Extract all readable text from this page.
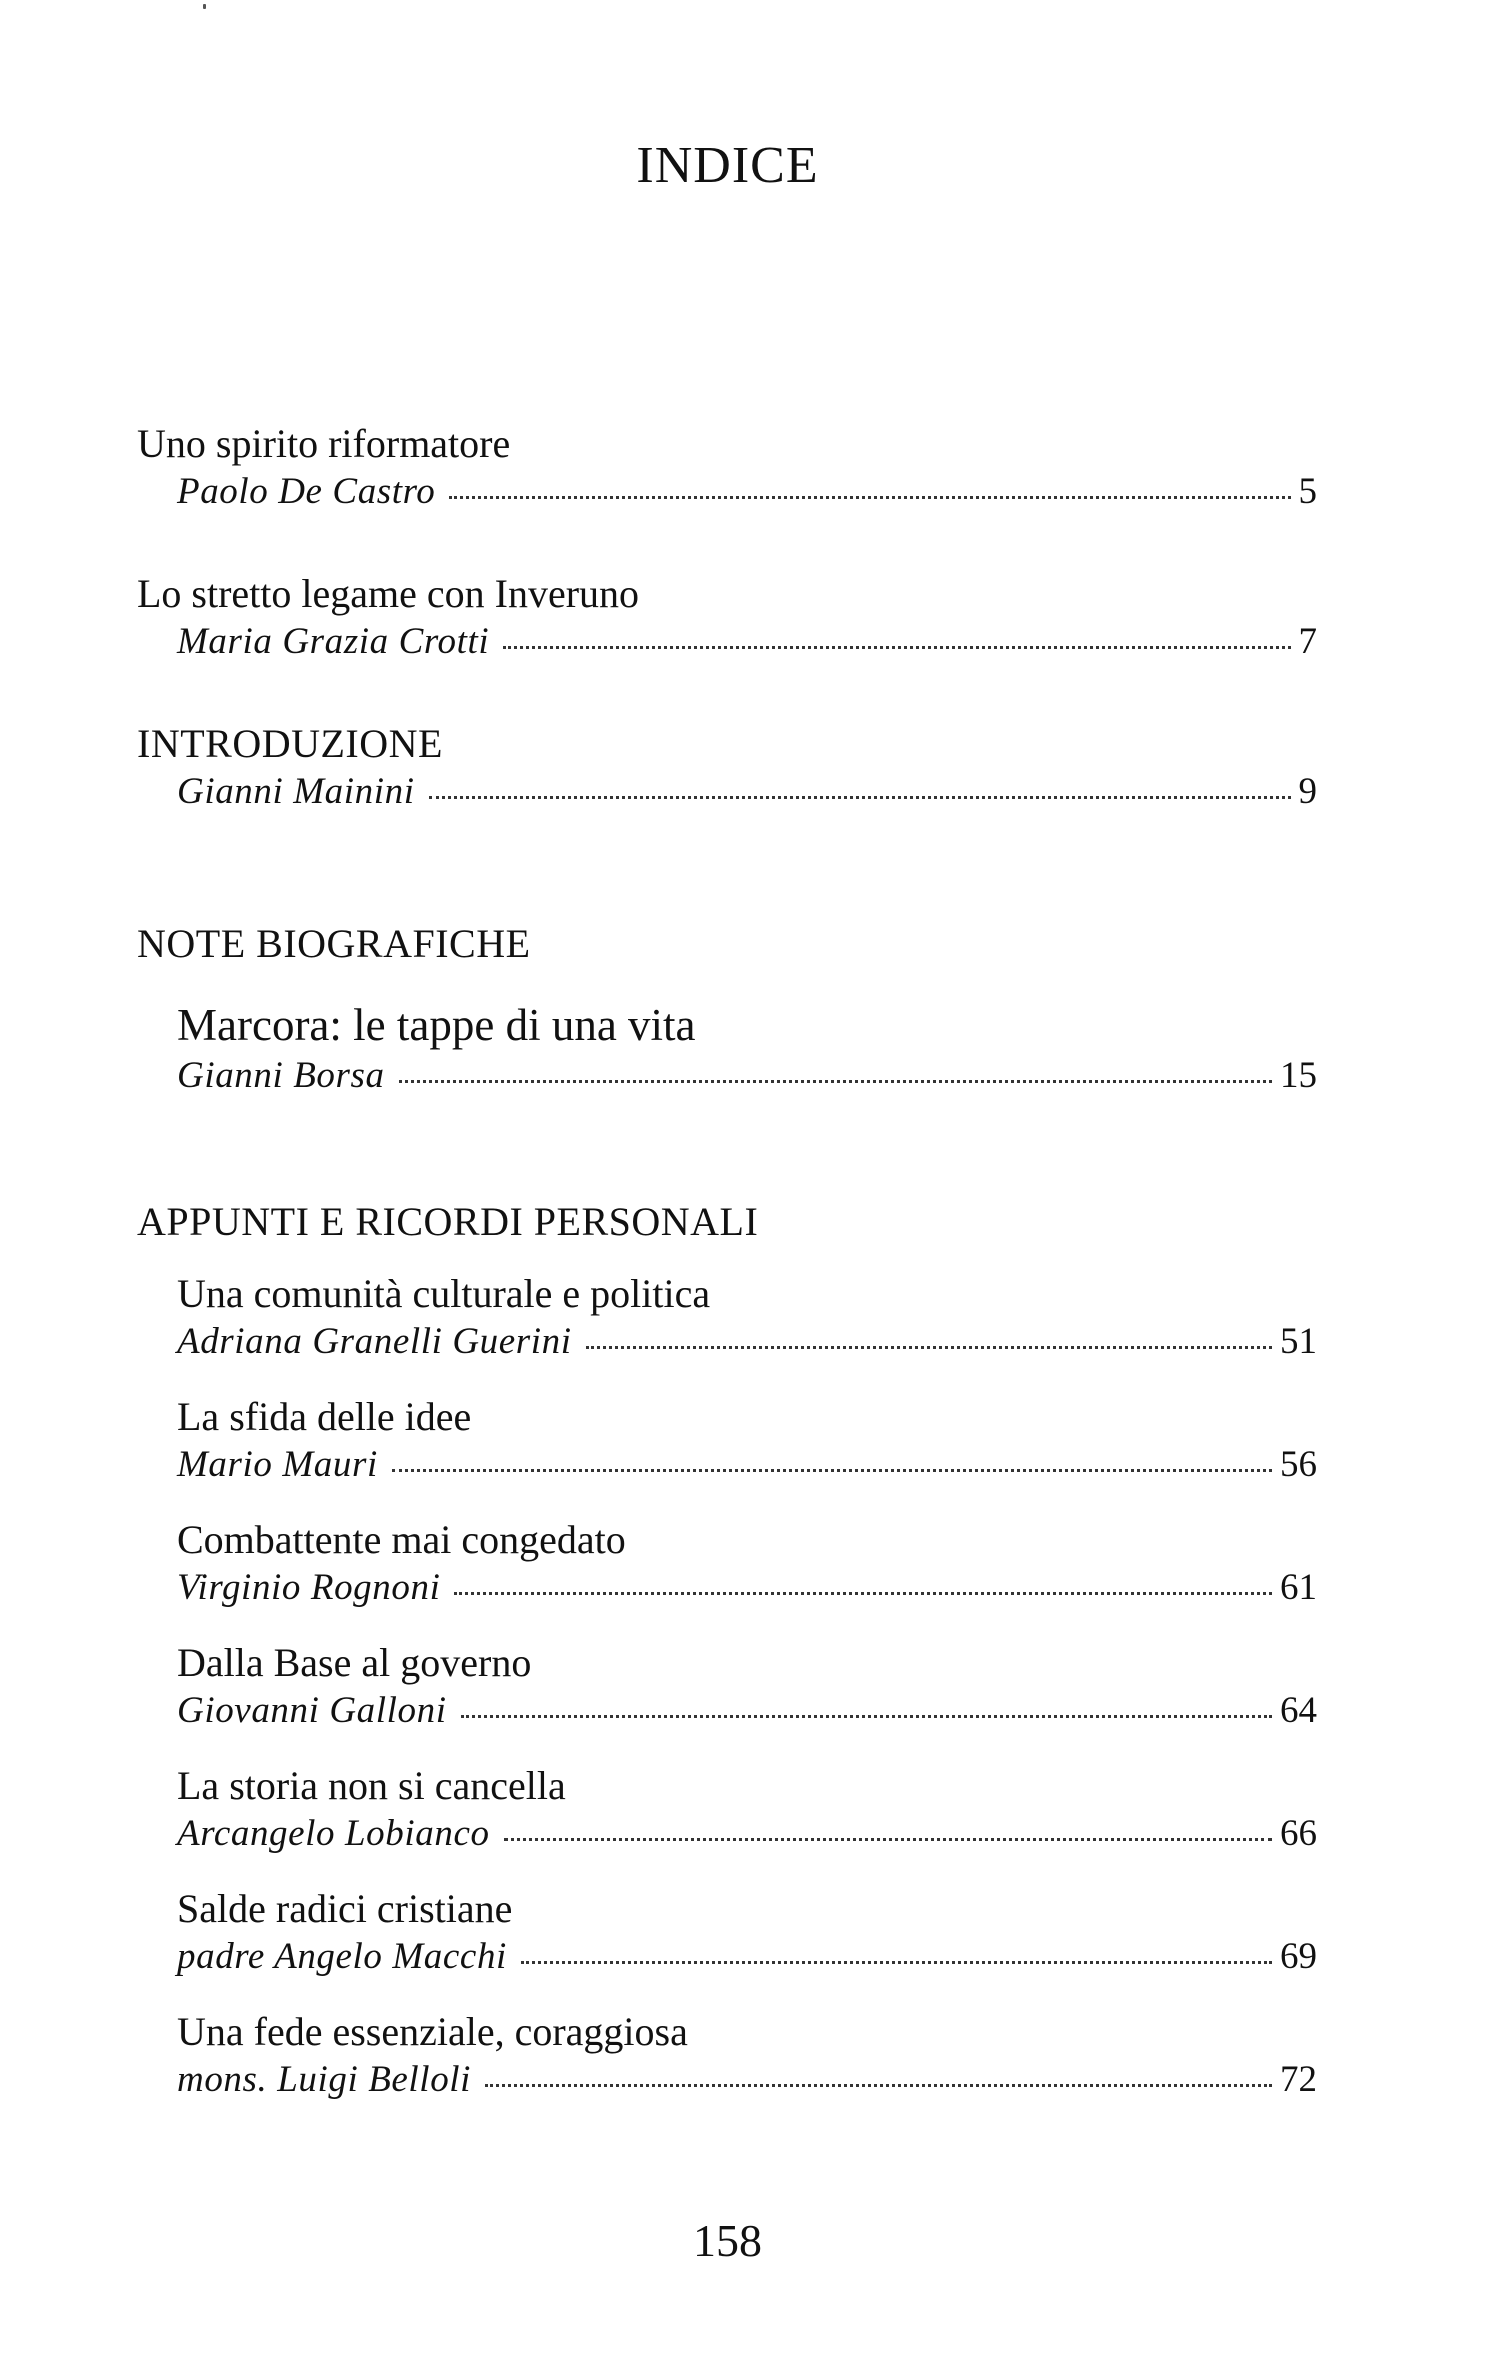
INDICE
Uno spirito riformatore
Paolo De Castro	5
Lo stretto legame con Inveruno
Maria Grazia Crotti	7
INTRODUZIONE
Gianni Mainini	9
NOTE BIOGRAFICHE
Marcora: le tappe di una vita
Gianni Borsa	15
APPUNTI E RICORDI PERSONALI
Una comunità culturale e politica
Adriana Granelli Guerini	51
La sfida delle idee
Mario Mauri	56
Combattente mai congedato
Virginio Rognoni	61
Dalla Base al governo
Giovanni Galloni	64
La storia non si cancella
Arcangelo Lobianco	66
Salde radici cristiane
padre Angelo Macchi	69
Una fede essenziale, coraggiosa
mons. Luigi Belloli	72
158
